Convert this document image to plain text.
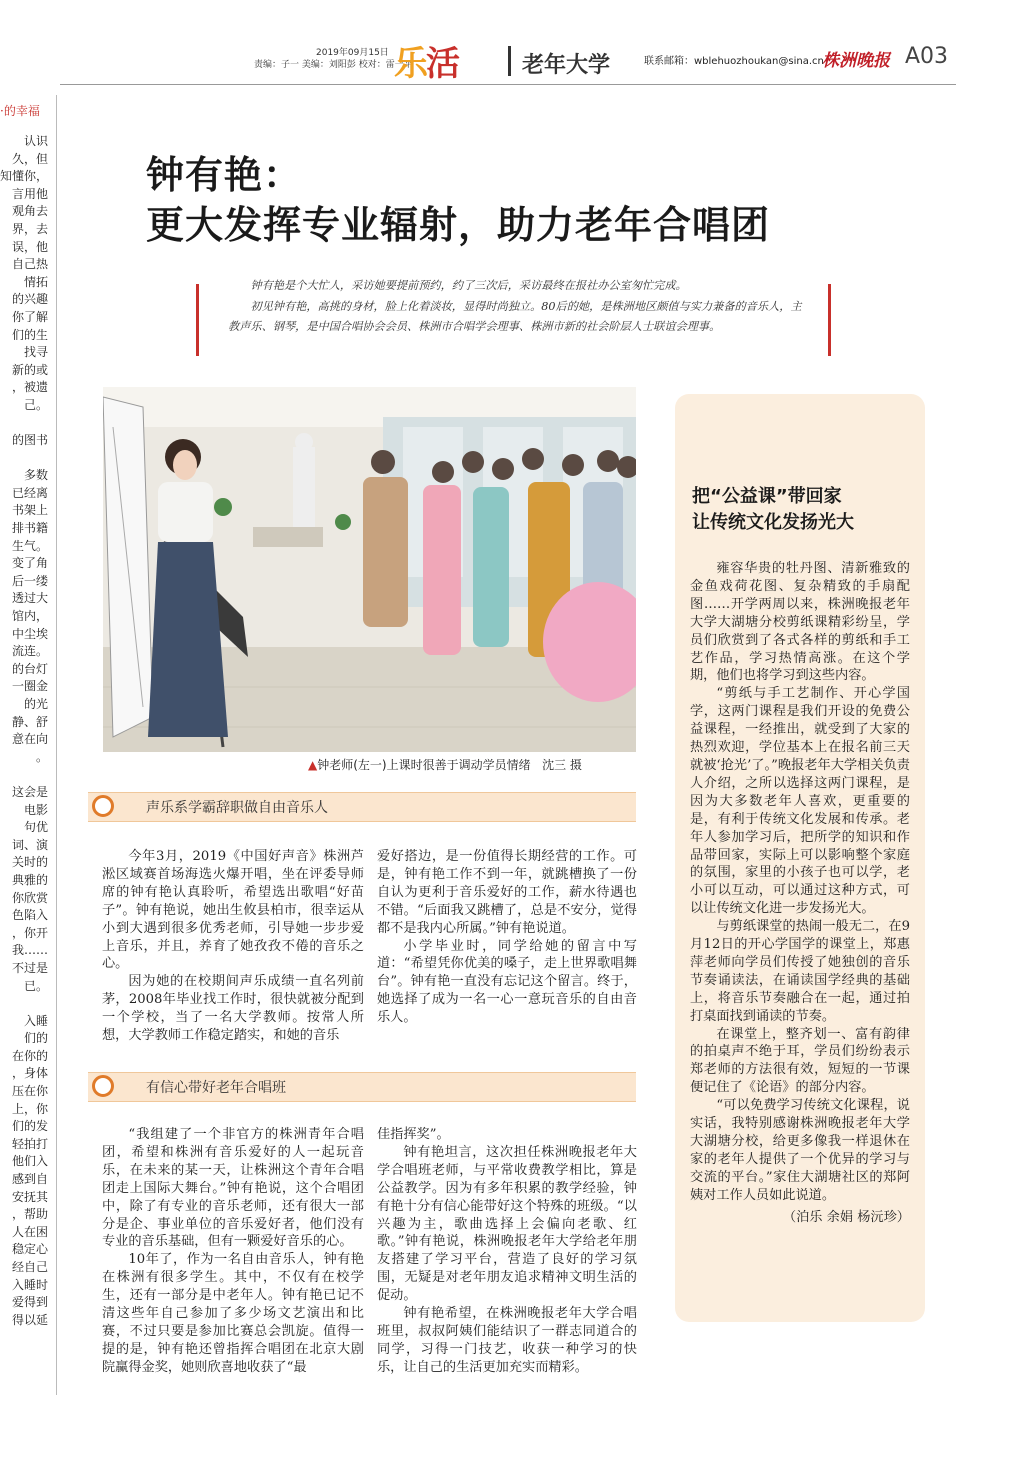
2019年09月15日
责编：子一 美编：刘阳彭 校对：雷一平
乐活	老年大学	联系邮箱：wblehuozhoukan@sina.cn
株洲晚报 A03
·的幸福
认识
久，但
知懂你，
言用他
观角去
界，去
误，他
自己热
情拓
的兴趣
你了解
们的生
找寻
新的或
，被遗
己。

的图书

多数
已经离
书架上
排书籍
生气。
变了角
后一缕
透过大
馆内，
中尘埃
流连。
的台灯
一圈金
的光
静、舒
意在向
。

这会是
电影
句优
词、演
关时的
典雅的
你欣赏
色陷入
，你开
我……
不过是
已。

入睡
们的
在你的
，身体
压在你
上，你
们的发
轻拍打
他们入
感到自
安抚其
，帮助
人在困
稳定心
经自己
入睡时
爱得到
得以延
钟有艳：
更大发挥专业辐射，助力老年合唱团

钟有艳是个大忙人，采访她要提前预约，约了三次后，采访最终在报社办公室匆忙完成。

初见钟有艳，高挑的身材，脸上化着淡妆，显得时尚独立。80后的她，是株洲地区颇值与实力兼备的音乐人，主教声乐、钢琴，是中国合唱协会会员、株洲市合唱学会理事、株洲市新的社会阶层人士联谊会理事。

▲钟老师(左一)上课时很善于调动学员情绪 沈三 摄
声乐系学霸辞职做自由音乐人

今年3月，2019《中国好声音》株洲芦淞区域赛首场海选火爆开唱，坐在评委导师席的钟有艳认真聆听，希望选出歌唱“好苗子”。钟有艳说，她出生攸县柏市，很幸运从小到大遇到很多优秀老师，引导她一步步爱上音乐，并且，养育了她孜孜不倦的音乐之心。

因为她的在校期间声乐成绩一直名列前茅，2008年毕业找工作时，很快就被分配到一个学校，当了一名大学教师。按常人所想，大学教师工作稳定踏实，和她的音乐

爱好搭边，是一份值得长期经营的工作。可是，钟有艳工作不到一年，就跳槽换了一份自认为更利于音乐爱好的工作，薪水待遇也不错。“后面我又跳槽了，总是不安分，觉得都不是我内心所属。”钟有艳说道。

小学毕业时，同学给她的留言中写道：“希望凭你优美的嗓子，走上世界歌唱舞台”。钟有艳一直没有忘记这个留言。终于，她选择了成为一名一心一意玩音乐的自由音乐人。

有信心带好老年合唱班

“我组建了一个非官方的株洲青年合唱团，希望和株洲有音乐爱好的人一起玩音乐，在未来的某一天，让株洲这个青年合唱团走上国际大舞台。”钟有艳说，这个合唱团中，除了有专业的音乐老师，还有很大一部分是企、事业单位的音乐爱好者，他们没有专业的音乐基础，但有一颗爱好音乐的心。

10年了，作为一名自由音乐人，钟有艳在株洲有很多学生。其中，不仅有在校学生，还有一部分是中老年人。钟有艳已记不清这些年自己参加了多少场文艺演出和比赛，不过只要是参加比赛总会凯旋。值得一提的是，钟有艳还曾指挥合唱团在北京大剧院赢得金奖，她则欣喜地收获了“最

佳指挥奖”。

钟有艳坦言，这次担任株洲晚报老年大学合唱班老师，与平常收费教学相比，算是公益教学。因为有多年积累的教学经验，钟有艳十分有信心能带好这个特殊的班级。“以兴趣为主，歌曲选择上会偏向老歌、红歌。”钟有艳说，株洲晚报老年大学给老年朋友搭建了学习平台，营造了良好的学习氛围，无疑是对老年朋友追求精神文明生活的促动。

钟有艳希望，在株洲晚报老年大学合唱班里，叔叔阿姨们能结识了一群志同道合的同学，习得一门技艺，收获一种学习的快乐，让自己的生活更加充实而精彩。

把“公益课”带回家
让传统文化发扬光大

雍容华贵的牡丹图、清新雅致的金鱼戏荷花图、复杂精致的手扇配图……开学两周以来，株洲晚报老年大学大湖塘分校剪纸课精彩纷呈，学员们欣赏到了各式各样的剪纸和手工艺作品，学习热情高涨。在这个学期，他们也将学习到这些内容。

“剪纸与手工艺制作、开心学国学，这两门课程是我们开设的免费公益课程，一经推出，就受到了大家的热烈欢迎，学位基本上在报名前三天就被‘抢光’了。”晚报老年大学相关负责人介绍，之所以选择这两门课程，是因为大多数老年人喜欢，更重要的是，有利于传统文化发展和传承。老年人参加学习后，把所学的知识和作品带回家，实际上可以影响整个家庭的氛围，家里的小孩子也可以学，老小可以互动，可以通过这种方式，可以让传统文化进一步发扬光大。

与剪纸课堂的热闹一般无二，在9月12日的开心学国学的课堂上，郑惠萍老师向学员们传授了她独创的音乐节奏诵读法，在诵读国学经典的基础上，将音乐节奏融合在一起，通过拍打桌面找到诵读的节奏。

在课堂上，整齐划一、富有韵律的拍桌声不绝于耳，学员们纷纷表示郑老师的方法很有效，短短的一节课便记住了《论语》的部分内容。

“可以免费学习传统文化课程，说实话，我特别感谢株洲晚报老年大学大湖塘分校，给更多像我一样退休在家的老年人提供了一个优异的学习与交流的平台。”家住大湖塘社区的郑阿姨对工作人员如此说道。

（泊乐 余娟 杨沅珍）
